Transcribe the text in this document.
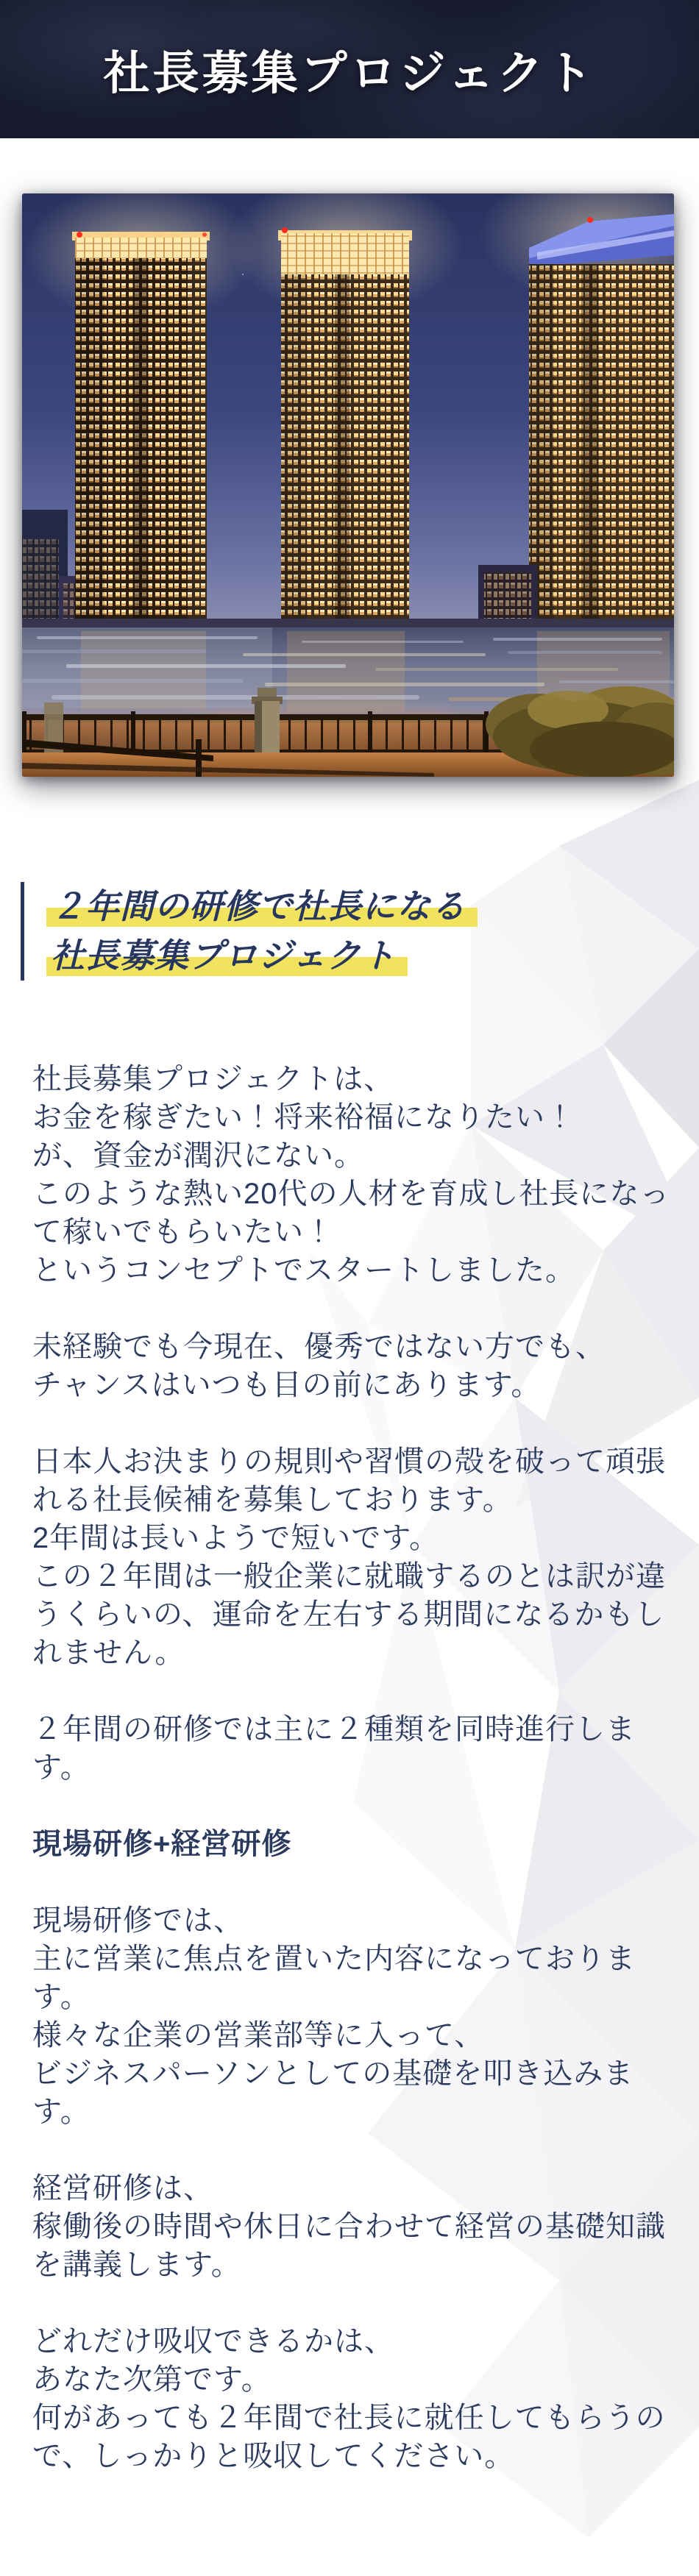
社長募集プロジェクト
２年間の研修で社長になる
社長募集プロジェクト

社長募集プロジェクトは、
お金を稼ぎたい！将来裕福になりたい！
が、資金が潤沢にない。
このような熱い20代の人材を育成し社長になっ
て稼いでもらいたい！
というコンセプトでスタートしました。

未経験でも今現在、優秀ではない方でも、
チャンスはいつも目の前にあります。

日本人お決まりの規則や習慣の殻を破って頑張
れる社長候補を募集しております。
2年間は長いようで短いです。
この２年間は一般企業に就職するのとは訳が違
うくらいの、運命を左右する期間になるかもし
れません。

２年間の研修では主に２種類を同時進行します。

現場研修+経営研修

現場研修では、
主に営業に焦点を置いた内容になっております。
様々な企業の営業部等に入って、
ビジネスパーソンとしての基礎を叩き込みます。

経営研修は、
稼働後の時間や休日に合わせて経営の基礎知識
を講義します。

どれだけ吸収できるかは、
あなた次第です。
何があっても２年間で社長に就任してもらうの
で、しっかりと吸収してください。
